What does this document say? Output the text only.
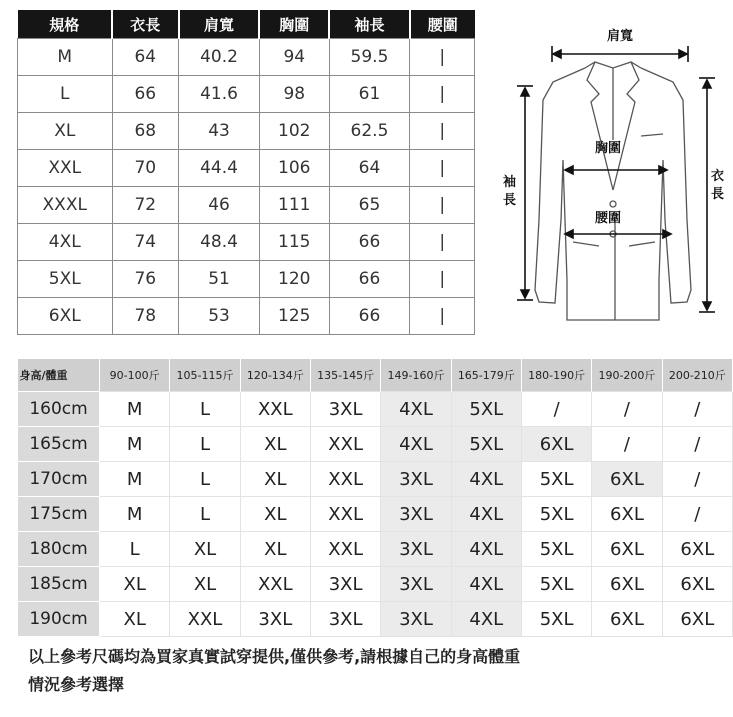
規格	衣長	肩寬	胸圍	袖長	腰圍
M	64	40.2	94	59.5	|
L	66	41.6	98	61	|
XL	68	43	102	62.5	|
XXL	70	44.4	106	64	|
XXXL	72	46	111	65	|
4XL	74	48.4	115	66	|
5XL	76	51	120	66	|
6XL	78	53	125	66	|
肩寬
胸圍
腰圍
袖
長
衣
長
身高/體重	90-100斤	105-115斤	120-134斤	135-145斤	149-160斤	165-179斤	180-190斤	190-200斤	200-210斤
160cm	M	L	XXL	3XL	4XL	5XL	/	/	/
165cm	M	L	XL	XXL	4XL	5XL	6XL	/	/
170cm	M	L	XL	XXL	3XL	4XL	5XL	6XL	/
175cm	M	L	XL	XXL	3XL	4XL	5XL	6XL	/
180cm	L	XL	XL	XXL	3XL	4XL	5XL	6XL	6XL
185cm	XL	XL	XXL	3XL	3XL	4XL	5XL	6XL	6XL
190cm	XL	XXL	3XL	3XL	3XL	4XL	5XL	6XL	6XL
以上參考尺碼均為買家真實試穿提供,僅供參考,請根據自己的身高體重
情況參考選擇
